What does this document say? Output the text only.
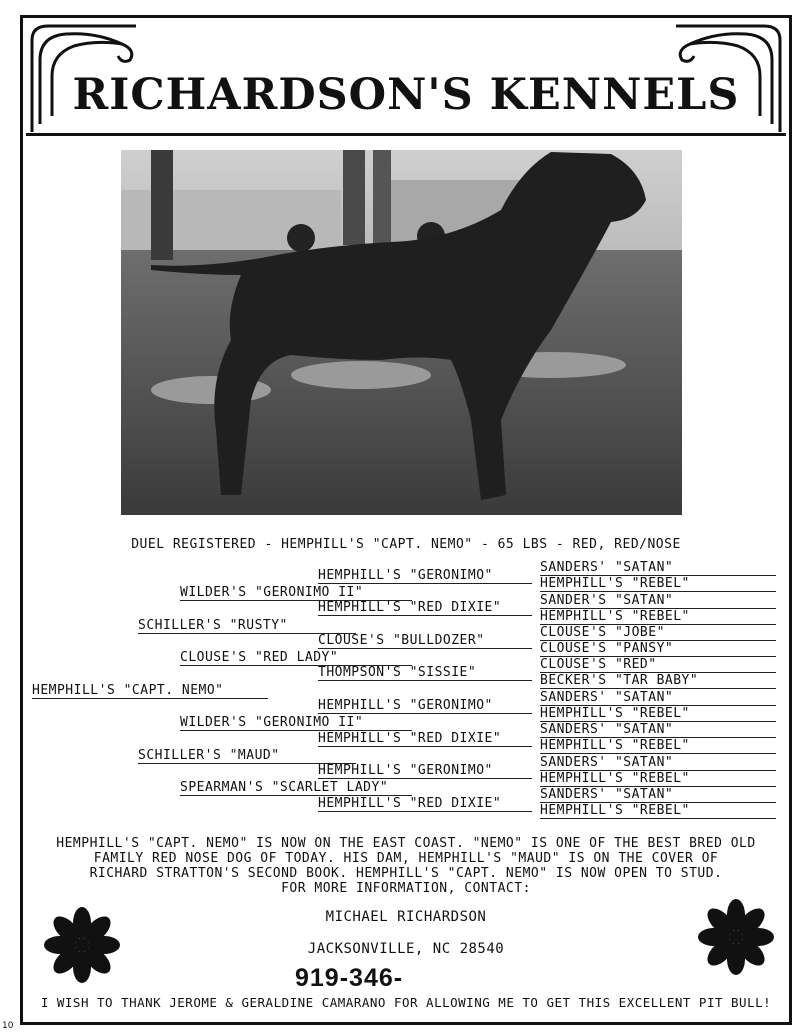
RICHARDSON'S KENNELS
DUEL REGISTERED - HEMPHILL'S "CAPT. NEMO" - 65 LBS - RED, RED/NOSE
HEMPHILL'S "CAPT. NEMO"
SCHILLER'S "RUSTY"
SCHILLER'S "MAUD"
WILDER'S "GERONIMO II"
CLOUSE'S "RED LADY"
WILDER'S "GERONIMO II"
SPEARMAN'S "SCARLET LADY"
HEMPHILL'S "GERONIMO"
HEMPHILL'S "RED DIXIE"
CLOUSE'S "BULLDOZER"
THOMPSON'S "SISSIE"
HEMPHILL'S "GERONIMO"
HEMPHILL'S "RED DIXIE"
HEMPHILL'S "GERONIMO"
HEMPHILL'S "RED DIXIE"
SANDERS' "SATAN"
HEMPHILL'S "REBEL"
SANDER'S "SATAN"
HEMPHILL'S "REBEL"
CLOUSE'S "JOBE"
CLOUSE'S "PANSY"
CLOUSE'S "RED"
BECKER'S "TAR BABY"
SANDERS' "SATAN"
HEMPHILL'S "REBEL"
SANDERS' "SATAN"
HEMPHILL'S "REBEL"
SANDERS' "SATAN"
HEMPHILL'S "REBEL"
SANDERS' "SATAN"
HEMPHILL'S "REBEL"
HEMPHILL'S "CAPT. NEMO" IS NOW ON THE EAST COAST. "NEMO" IS ONE OF THE BEST BRED OLD
FAMILY RED NOSE DOG OF TODAY. HIS DAM, HEMPHILL'S "MAUD" IS ON THE COVER OF
RICHARD STRATTON'S SECOND BOOK. HEMPHILL'S "CAPT. NEMO" IS NOW OPEN TO STUD.
FOR MORE INFORMATION, CONTACT:
MICHAEL RICHARDSON
JACKSONVILLE, NC 28540
919-346-
I WISH TO THANK JEROME & GERALDINE CAMARANO FOR ALLOWING ME TO GET THIS EXCELLENT PIT BULL!
10
